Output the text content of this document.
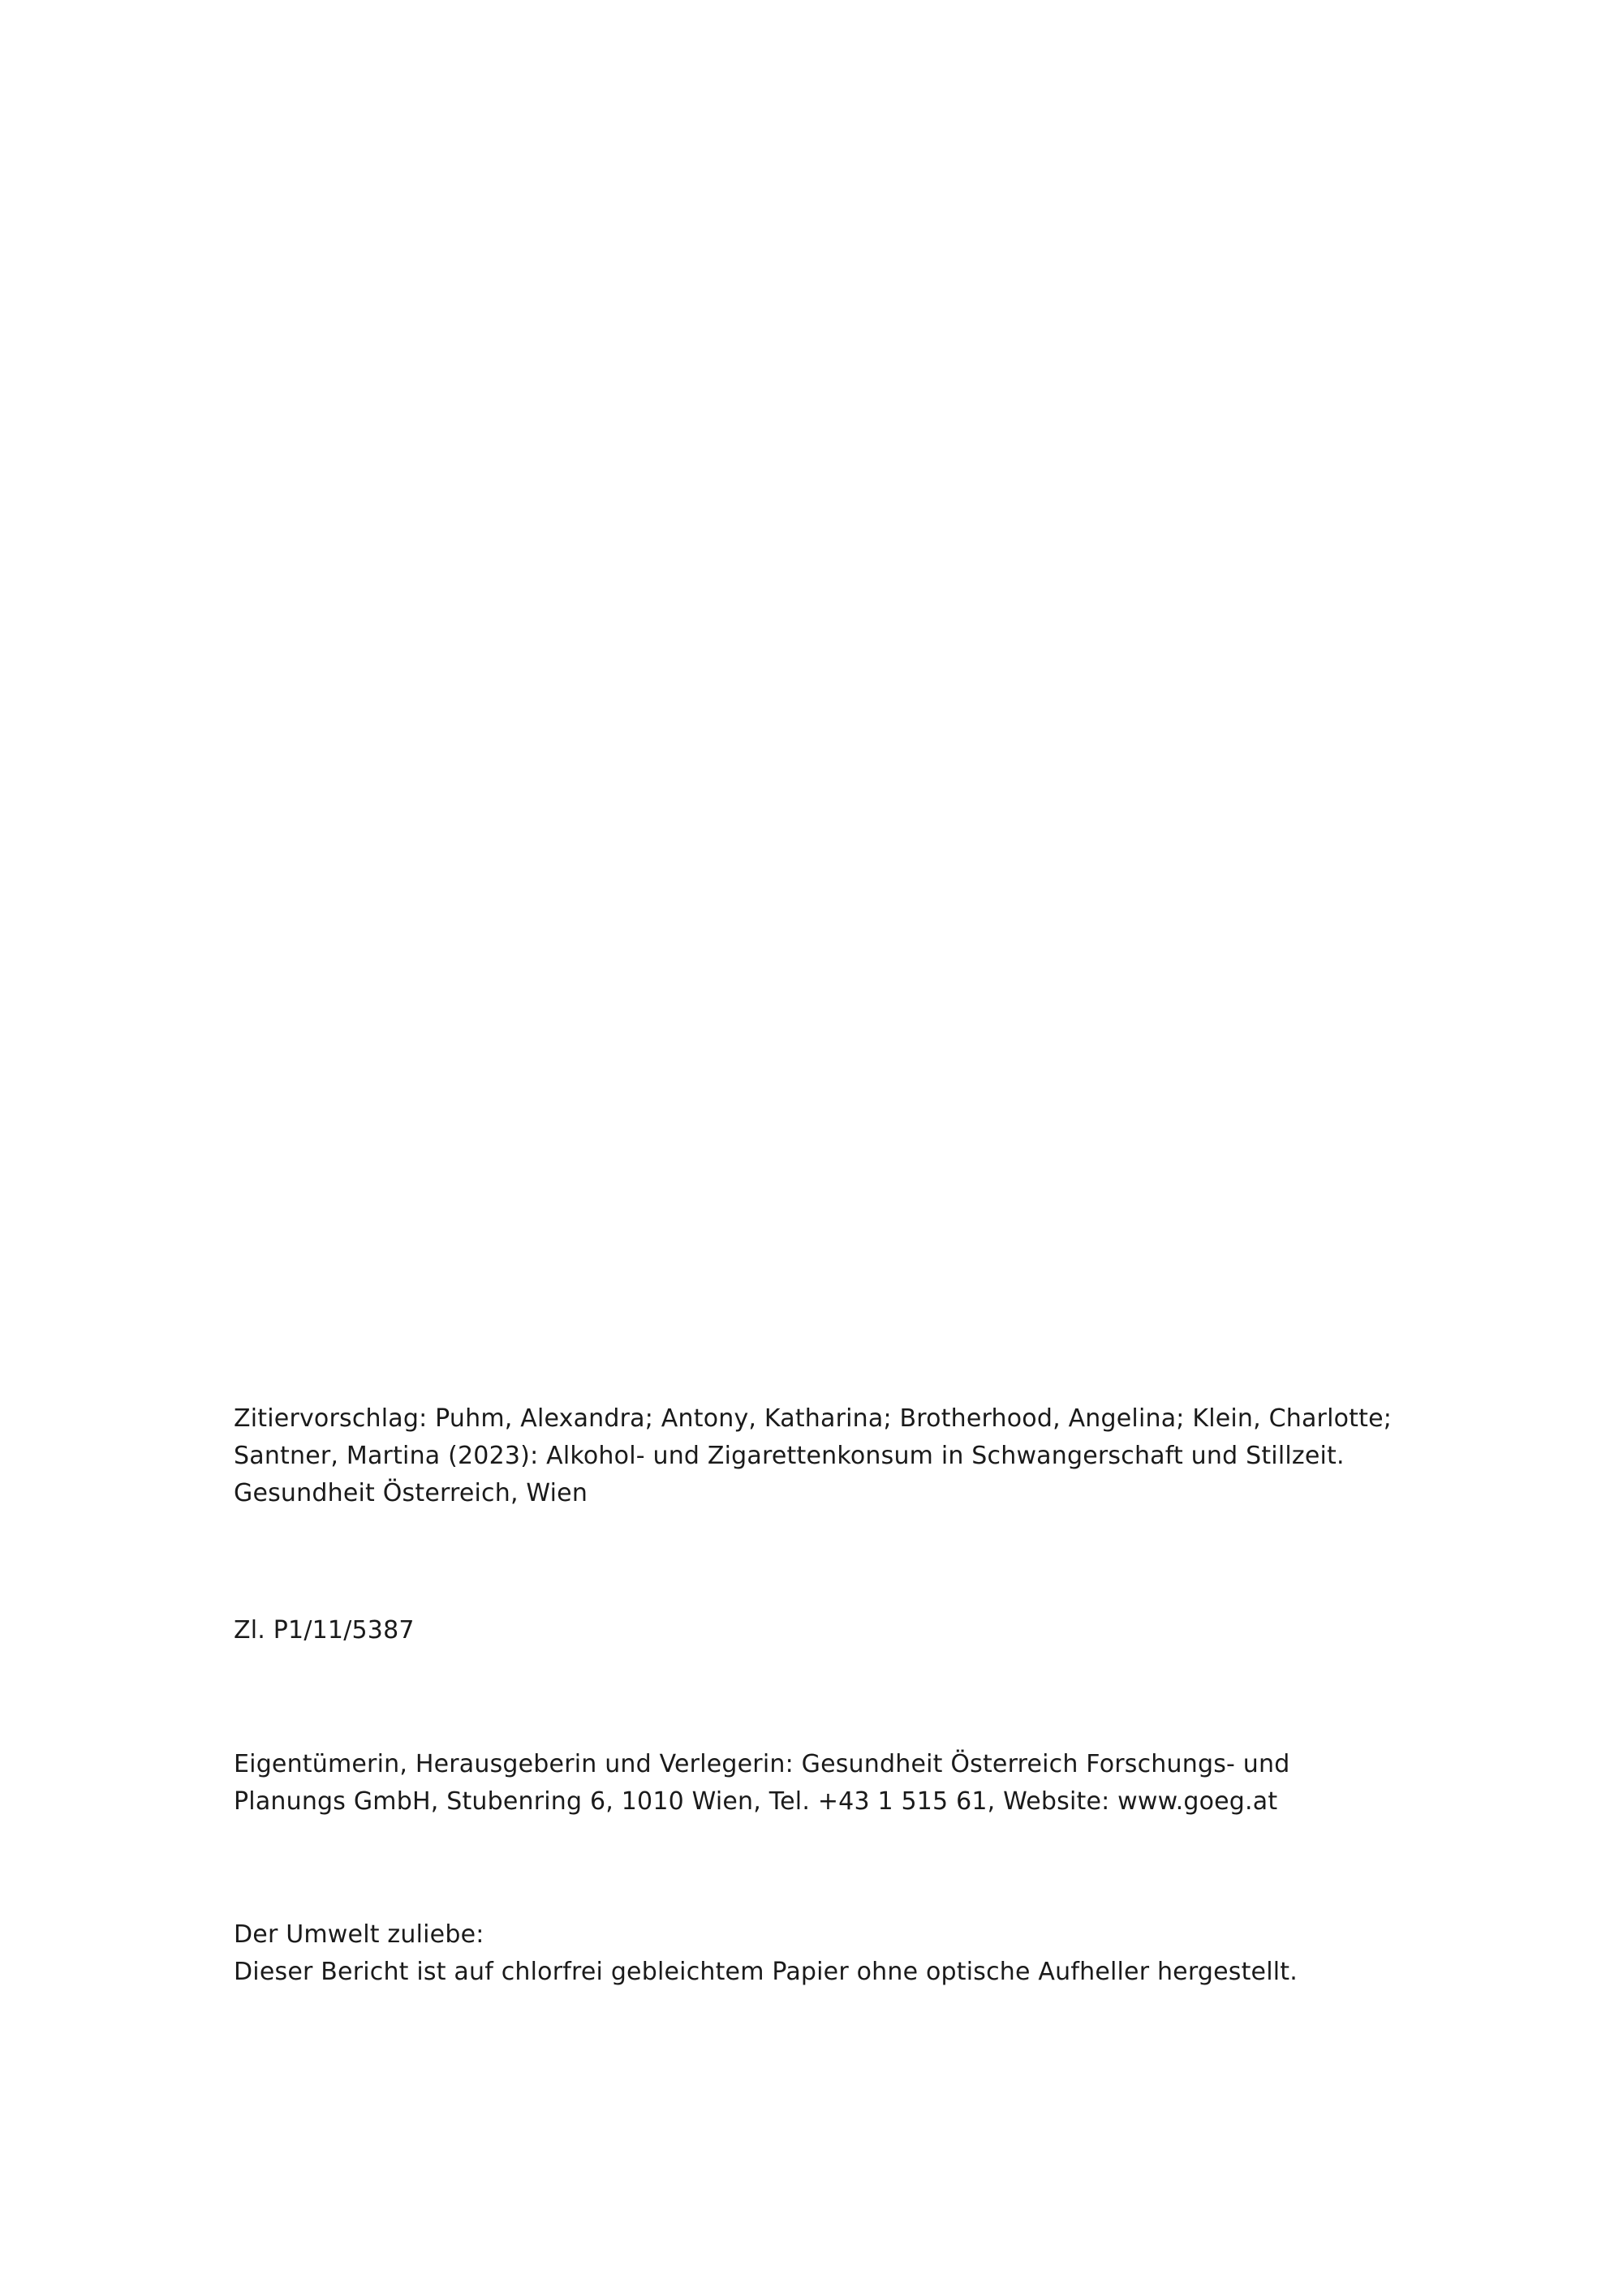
Zitiervorschlag: Puhm, Alexandra; Antony, Katharina; Brotherhood, Angelina; Klein, Charlotte;
Santner, Martina (2023): Alkohol- und Zigarettenkonsum in Schwangerschaft und Stillzeit.
Gesundheit Österreich, Wien
Zl. P1/11/5387
Eigentümerin, Herausgeberin und Verlegerin: Gesundheit Österreich Forschungs- und
Planungs GmbH, Stubenring 6, 1010 Wien, Tel. +43 1 515 61, Website: www.goeg.at
Der Umwelt zuliebe:
Dieser Bericht ist auf chlorfrei gebleichtem Papier ohne optische Aufheller hergestellt.
